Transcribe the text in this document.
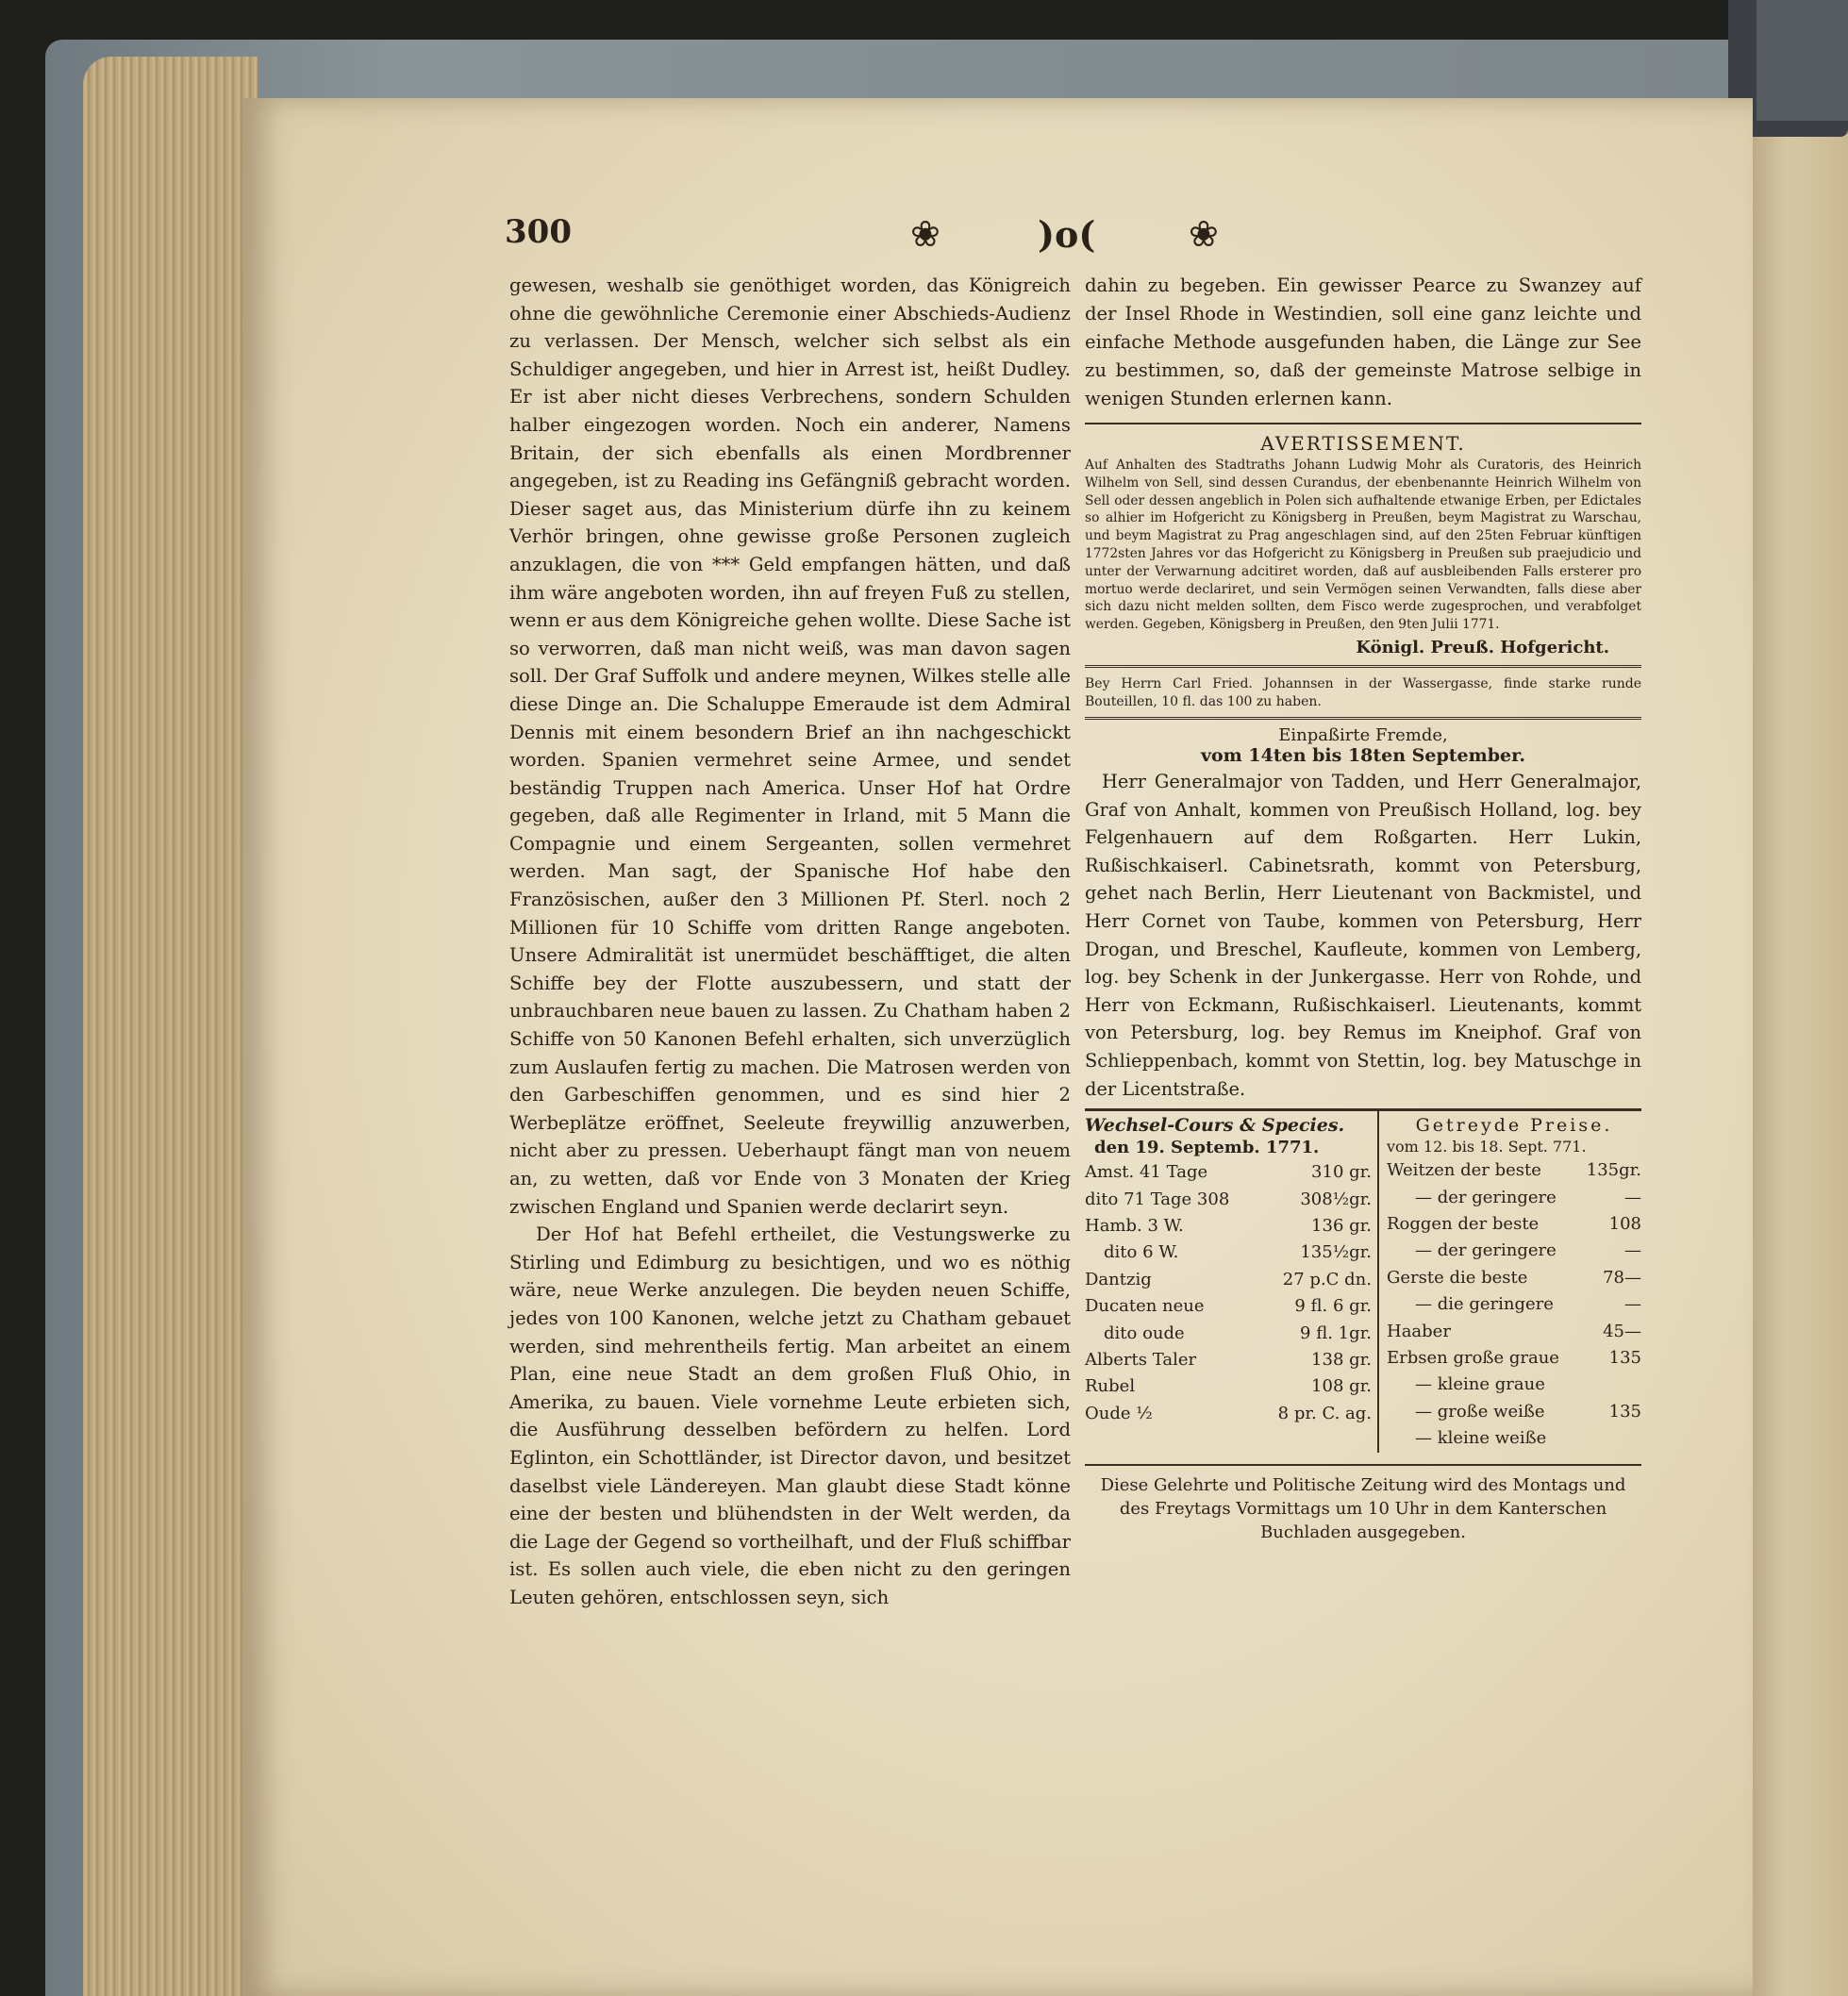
300	❀	)o(	❀

gewesen, weshalb sie genöthiget worden, das Königreich ohne die gewöhnliche Ceremonie einer Abschieds-Audienz zu verlassen. Der Mensch, welcher sich selbst als ein Schuldiger angegeben, und hier in Arrest ist, heißt Dudley. Er ist aber nicht dieses Verbrechens, sondern Schulden halber eingezogen worden. Noch ein anderer, Namens Britain, der sich ebenfalls als einen Mordbrenner angegeben, ist zu Reading ins Gefängniß gebracht worden. Dieser saget aus, das Ministerium dürfe ihn zu keinem Verhör bringen, ohne gewisse große Personen zugleich anzuklagen, die von *** Geld empfangen hätten, und daß ihm wäre angeboten worden, ihn auf freyen Fuß zu stellen, wenn er aus dem Königreiche gehen wollte. Diese Sache ist so verworren, daß man nicht weiß, was man davon sagen soll. Der Graf Suffolk und andere meynen, Wilkes stelle alle diese Dinge an. Die Schaluppe Emeraude ist dem Admiral Dennis mit einem besondern Brief an ihn nachgeschickt worden. Spanien vermehret seine Armee, und sendet beständig Truppen nach America. Unser Hof hat Ordre gegeben, daß alle Regimenter in Irland, mit 5 Mann die Compagnie und einem Sergeanten, sollen vermehret werden. Man sagt, der Spanische Hof habe den Französischen, außer den 3 Millionen Pf. Sterl. noch 2 Millionen für 10 Schiffe vom dritten Range angeboten. Unsere Admiralität ist unermüdet beschäfftiget, die alten Schiffe bey der Flotte auszubessern, und statt der unbrauchbaren neue bauen zu lassen. Zu Chatham haben 2 Schiffe von 50 Kanonen Befehl erhalten, sich unverzüglich zum Auslaufen fertig zu machen. Die Matrosen werden von den Garbeschiffen genommen, und es sind hier 2 Werbeplätze eröffnet, Seeleute freywillig anzuwerben, nicht aber zu pressen. Ueberhaupt fängt man von neuem an, zu wetten, daß vor Ende von 3 Monaten der Krieg zwischen England und Spanien werde declarirt seyn.

Der Hof hat Befehl ertheilet, die Vestungswerke zu Stirling und Edimburg zu besichtigen, und wo es nöthig wäre, neue Werke anzulegen. Die beyden neuen Schiffe, jedes von 100 Kanonen, welche jetzt zu Chatham gebauet werden, sind mehrentheils fertig. Man arbeitet an einem Plan, eine neue Stadt an dem großen Fluß Ohio, in Amerika, zu bauen. Viele vornehme Leute erbieten sich, die Ausführung desselben befördern zu helfen. Lord Eglinton, ein Schottländer, ist Director davon, und besitzet daselbst viele Ländereyen. Man glaubt diese Stadt könne eine der besten und blühendsten in der Welt werden, da die Lage der Gegend so vortheilhaft, und der Fluß schiffbar ist. Es sollen auch viele, die eben nicht zu den geringen Leuten gehören, entschlossen seyn, sich

dahin zu begeben. Ein gewisser Pearce zu Swanzey auf der Insel Rhode in Westindien, soll eine ganz leichte und einfache Methode ausgefunden haben, die Länge zur See zu bestimmen, so, daß der gemeinste Matrose selbige in wenigen Stunden erlernen kann.

AVERTISSEMENT.

Auf Anhalten des Stadtraths Johann Ludwig Mohr als Curatoris, des Heinrich Wilhelm von Sell, sind dessen Curandus, der ebenbenannte Heinrich Wilhelm von Sell oder dessen angeblich in Polen sich aufhaltende etwanige Erben, per Edictales so alhier im Hofgericht zu Königsberg in Preußen, beym Magistrat zu Warschau, und beym Magistrat zu Prag angeschlagen sind, auf den 25ten Februar künftigen 1772sten Jahres vor das Hofgericht zu Königsberg in Preußen sub praejudicio und unter der Verwarnung adcitiret worden, daß auf ausbleibenden Falls ersterer pro mortuo werde declariret, und sein Vermögen seinen Verwandten, falls diese aber sich dazu nicht melden sollten, dem Fisco werde zugesprochen, und verabfolget werden. Gegeben, Königsberg in Preußen, den 9ten Julii 1771.

Königl. Preuß. Hofgericht.

Bey Herrn Carl Fried. Johannsen in der Wassergasse, finde starke runde Bouteillen, 10 fl. das 100 zu haben.

Einpaßirte Fremde,
vom 14ten bis 18ten September.

Herr Generalmajor von Tadden, und Herr Generalmajor, Graf von Anhalt, kommen von Preußisch Holland, log. bey Felgenhauern auf dem Roßgarten. Herr Lukin, Rußischkaiserl. Cabinetsrath, kommt von Petersburg, gehet nach Berlin, Herr Lieutenant von Backmistel, und Herr Cornet von Taube, kommen von Petersburg, Herr Drogan, und Breschel, Kaufleute, kommen von Lemberg, log. bey Schenk in der Junkergasse. Herr von Rohde, und Herr von Eckmann, Rußischkaiserl. Lieutenants, kommt von Petersburg, log. bey Remus im Kneiphof. Graf von Schlieppenbach, kommt von Stettin, log. bey Matuschge in der Licentstraße.

Wechsel-Cours & Species.
den 19. Septemb. 1771.
Amst. 41 Tage	310 gr.
dito 71 Tage 308	308½gr.
Hamb. 3 W.	136 gr.
dito 6 W.	135½gr.
Dantzig	27 p.C dn.
Ducaten neue	9 fl. 6 gr.
dito oude	9 fl. 1gr.
Alberts Taler	138 gr.
Rubel	108 gr.
Oude ½	8 pr. C. ag.
Getreyde Preise.
vom 12. bis 18. Sept. 771.
Weitzen der beste	135gr.
— der geringere	—
Roggen der beste	108
— der geringere	—
Gerste die beste	78—
— die geringere	—
Haaber	45—
Erbsen große graue	135
— kleine graue
— große weiße	135
— kleine weiße

Diese Gelehrte und Politische Zeitung wird des Montags und des Freytags Vormittags um 10 Uhr in dem Kanterschen Buchladen ausgegeben.
